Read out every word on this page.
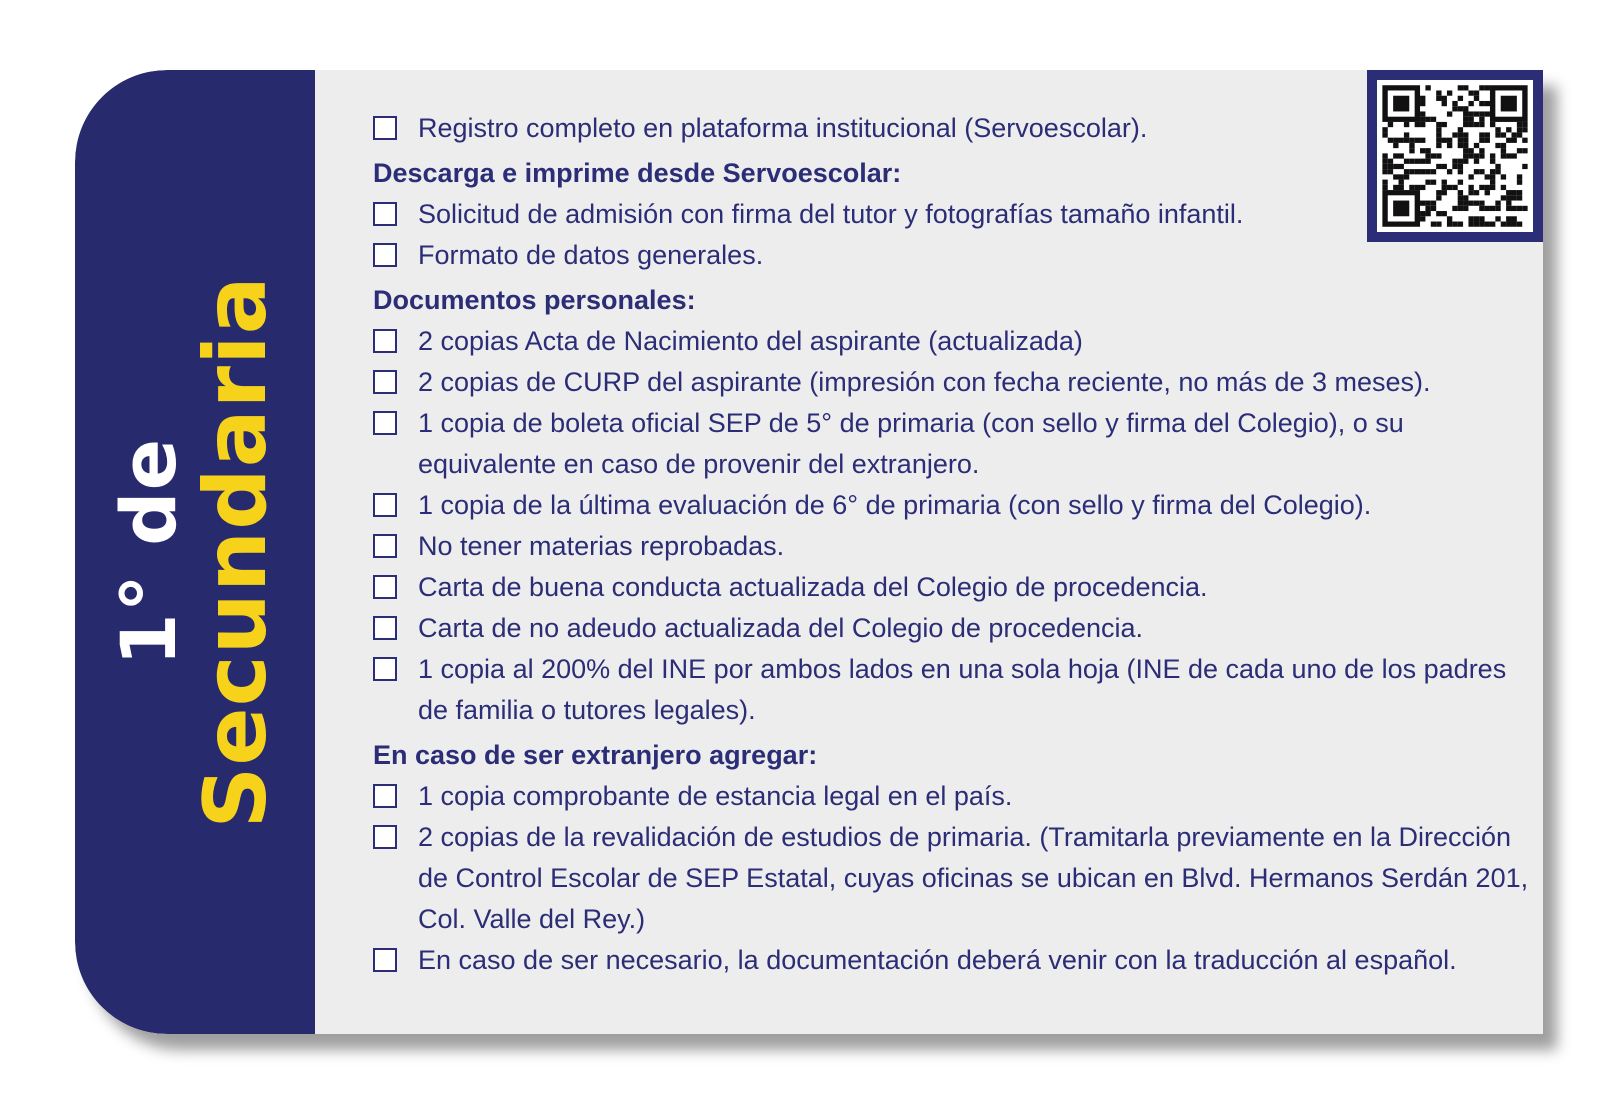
1° de
Secundaria
Registro completo en plataforma institucional (Servoescolar).
Descarga e imprime desde Servoescolar:
Solicitud de admisión con firma del tutor y fotografías tamaño infantil.
Formato de datos generales.
Documentos personales:
2 copias Acta de Nacimiento del aspirante (actualizada)
2 copias de CURP del aspirante (impresión con fecha reciente, no más de 3 meses).
1 copia de boleta oficial SEP de 5° de primaria (con sello y firma del Colegio), o su equivalente en caso de provenir del extranjero.
1 copia de la última evaluación de 6° de primaria (con sello y firma del Colegio).
No tener materias reprobadas.
Carta de buena conducta actualizada del Colegio de procedencia.
Carta de no adeudo actualizada del Colegio de procedencia.
1 copia al 200% del INE por ambos lados en una sola hoja (INE de cada uno de los padres de familia o tutores legales).
En caso de ser extranjero agregar:
1 copia comprobante de estancia legal en el país.
2 copias de la revalidación de estudios de primaria. (Tramitarla previamente en la Dirección de Control Escolar de SEP Estatal, cuyas oficinas se ubican en Blvd. Hermanos Serdán 201, Col. Valle del Rey.)
En caso de ser necesario, la documentación deberá venir con la traducción al español.
